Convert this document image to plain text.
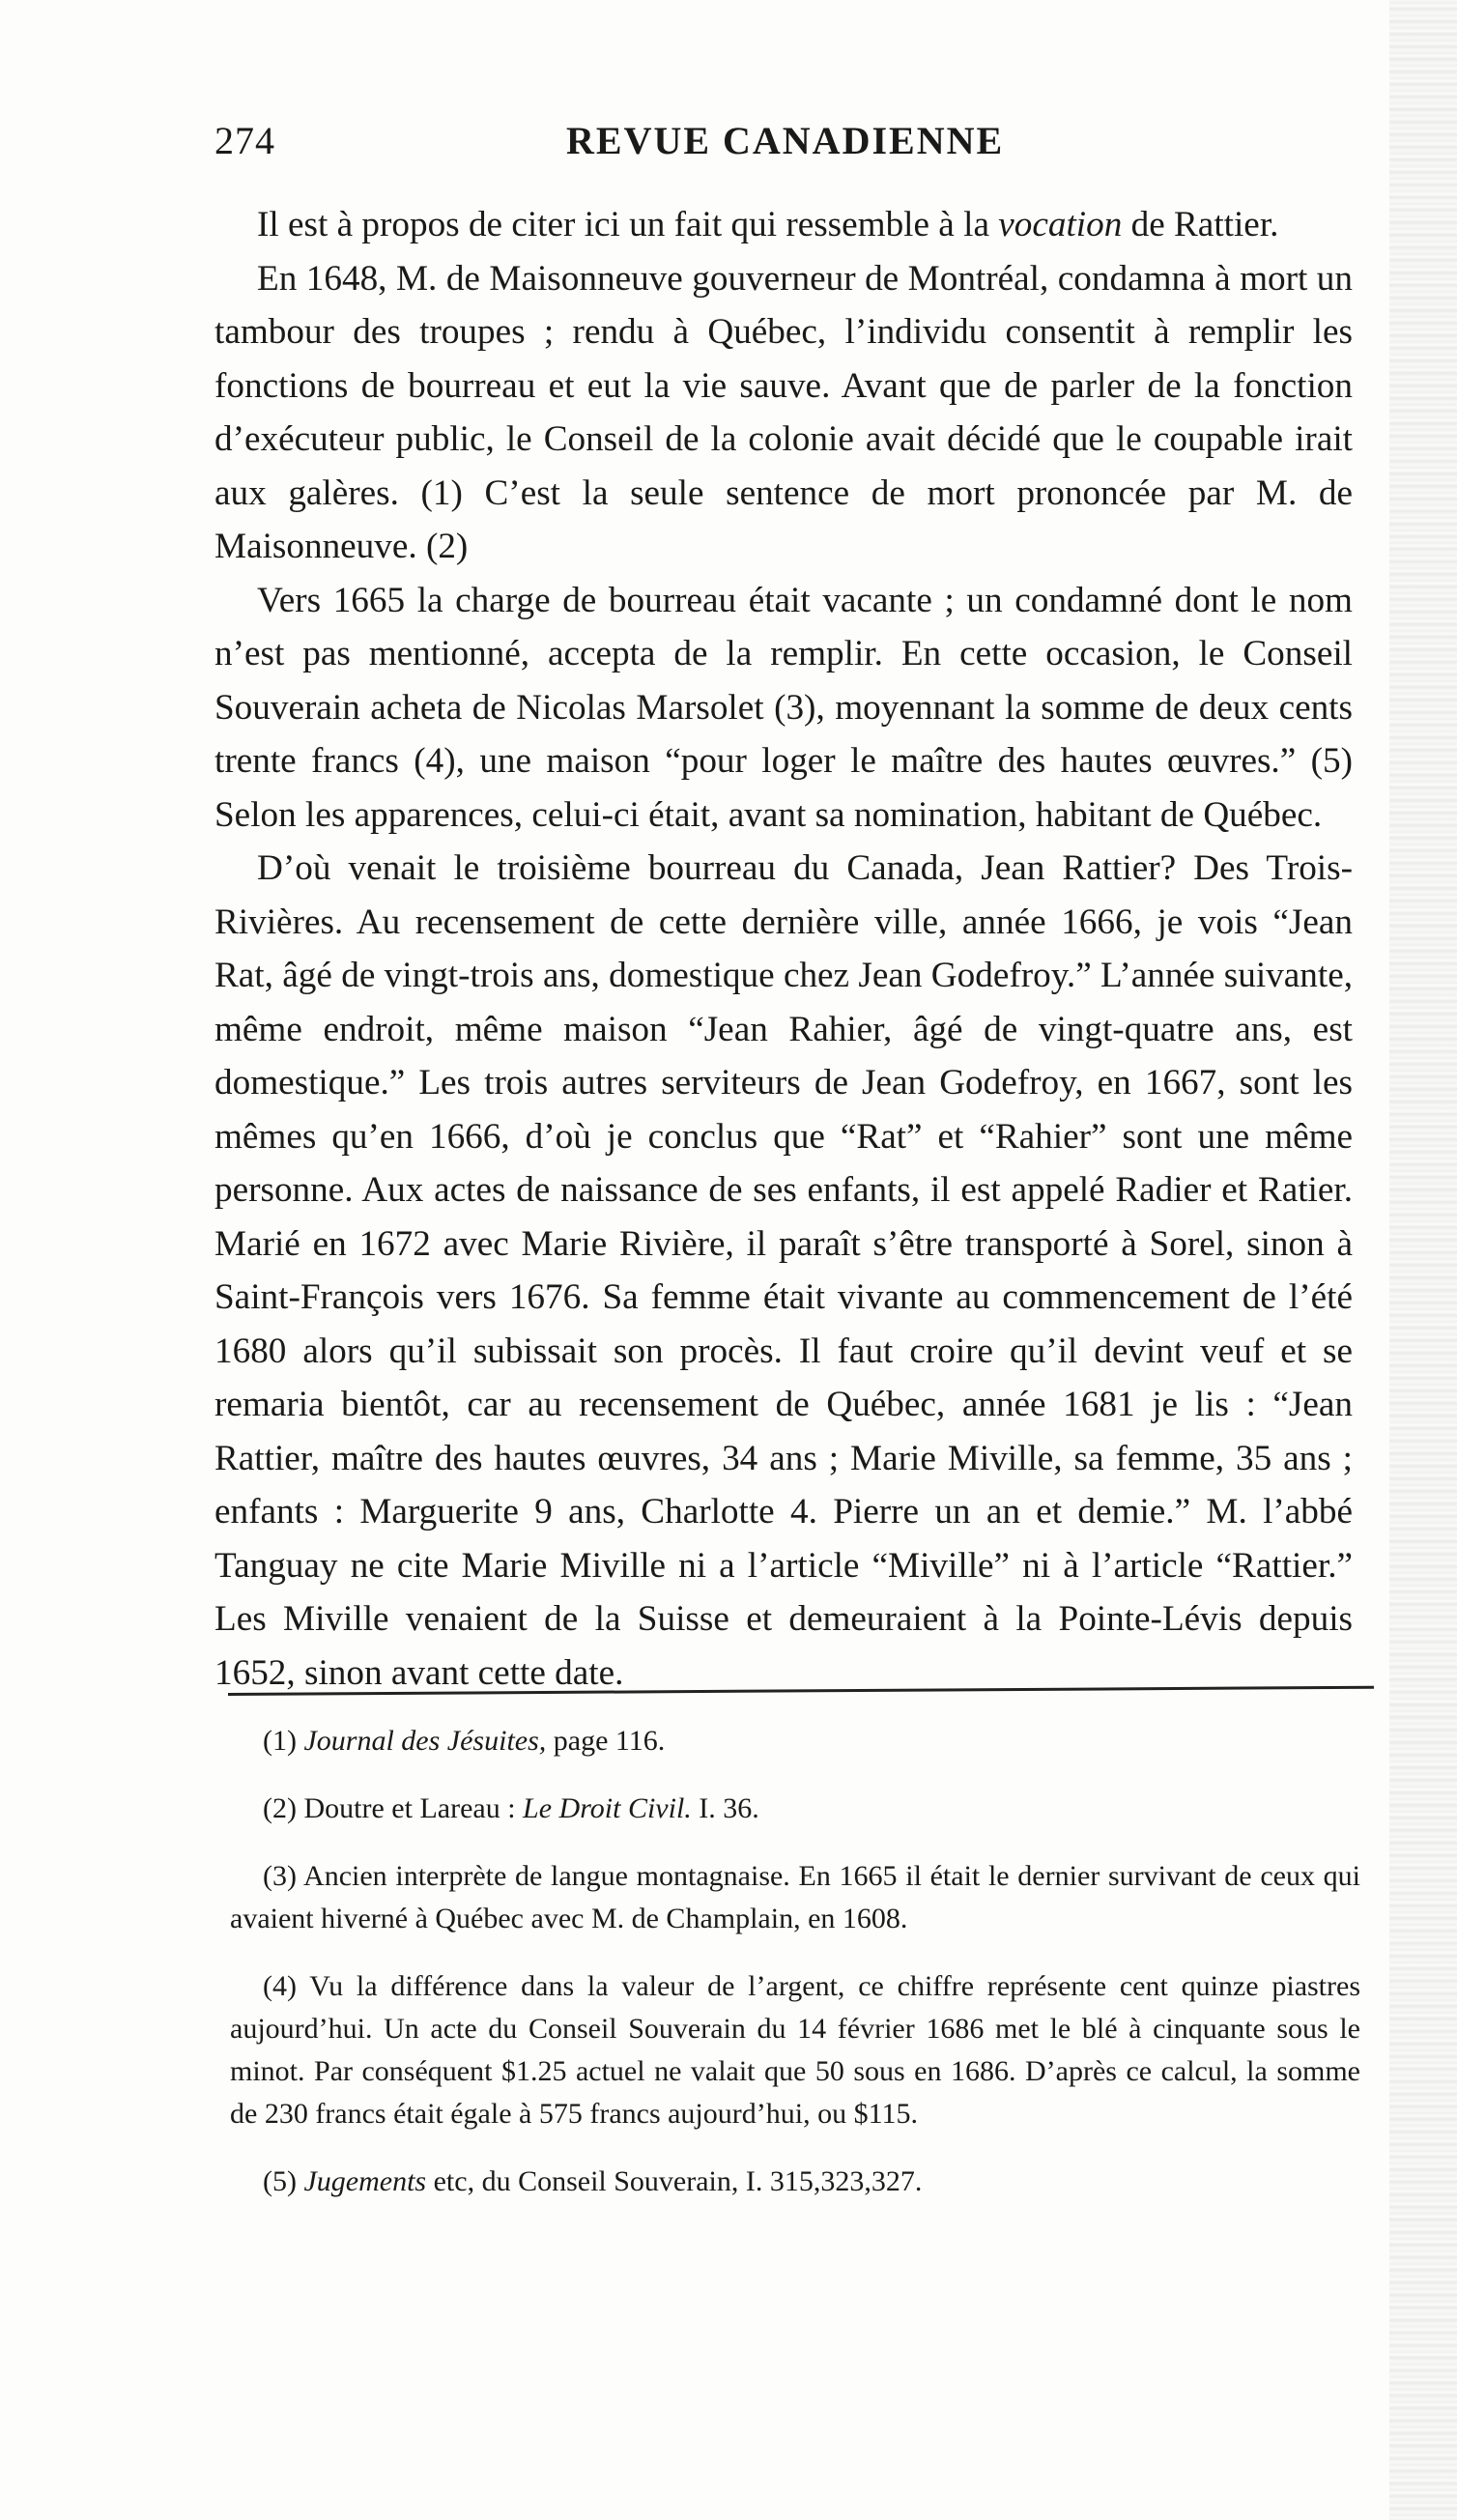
274	REVUE CANADIENNE

Il est à propos de citer ici un fait qui ressemble à la vocation de Rattier.

En 1648, M. de Maisonneuve gouverneur de Montréal, condamna à mort un tambour des troupes ; rendu à Québec, l’individu consentit à remplir les fonctions de bourreau et eut la vie sauve. Avant que de parler de la fonction d’exécuteur public, le Conseil de la colonie avait décidé que le coupable irait aux galères. (1) C’est la seule sentence de mort prononcée par M. de Maisonneuve. (2)

Vers 1665 la charge de bourreau était vacante ; un condamné dont le nom n’est pas mentionné, accepta de la remplir. En cette occasion, le Conseil Souverain acheta de Nicolas Marsolet (3), moyennant la somme de deux cents trente francs (4), une maison “pour loger le maître des hautes œuvres.” (5) Selon les apparences, celui-ci était, avant sa nomination, habitant de Québec.

D’où venait le troisième bourreau du Canada, Jean Rattier? Des Trois-Rivières. Au recensement de cette dernière ville, année 1666, je vois “Jean Rat, âgé de vingt-trois ans, domestique chez Jean Godefroy.” L’année suivante, même endroit, même maison “Jean Rahier, âgé de vingt-quatre ans, est domestique.” Les trois autres serviteurs de Jean Godefroy, en 1667, sont les mêmes qu’en 1666, d’où je conclus que “Rat” et “Rahier” sont une même personne. Aux actes de naissance de ses enfants, il est appelé Radier et Ratier. Marié en 1672 avec Marie Rivière, il paraît s’être transporté à Sorel, sinon à Saint-François vers 1676. Sa femme était vivante au commencement de l’été 1680 alors qu’il subissait son procès. Il faut croire qu’il devint veuf et se remaria bientôt, car au recensement de Québec, année 1681 je lis : “Jean Rattier, maître des hautes œuvres, 34 ans ; Marie Miville, sa femme, 35 ans ; enfants : Marguerite 9 ans, Charlotte 4. Pierre un an et demie.” M. l’abbé Tanguay ne cite Marie Miville ni a l’article “Miville” ni à l’article “Rattier.” Les Miville venaient de la Suisse et demeuraient à la Pointe-Lévis depuis 1652, sinon avant cette date.

(1) Journal des Jésuites, page 116.

(2) Doutre et Lareau : Le Droit Civil. I. 36.

(3) Ancien interprète de langue montagnaise. En 1665 il était le dernier survivant de ceux qui avaient hiverné à Québec avec M. de Champlain, en 1608.

(4) Vu la différence dans la valeur de l’argent, ce chiffre représente cent quinze piastres aujourd’hui. Un acte du Conseil Souverain du 14 février 1686 met le blé à cinquante sous le minot. Par conséquent $1.25 actuel ne valait que 50 sous en 1686. D’après ce calcul, la somme de 230 francs était égale à 575 francs aujourd’hui, ou $115.

(5) Jugements etc, du Conseil Souverain, I. 315,323,327.
